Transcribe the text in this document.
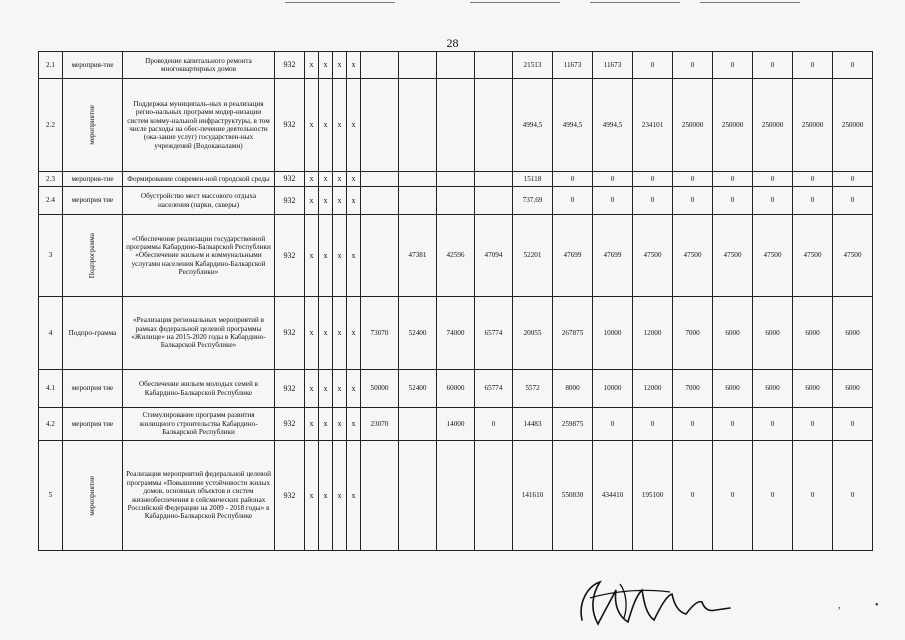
28
2.1	мероприя-тие	Проведение капитального ремонта многоквартирных домов	932	х	х	х	х					21513	11673	11673	0	0	0	0	0	0
2.2	мероприятие	Поддержка муниципаль-ных и реализация регио-нальных программ модер-низации систем комму-нальной инфраструктуры, в том числе расходы на обес-печение деятельности (ока-зание услуг) государствен-ных учреждений (Водоканалами)	932	х	х	х	х					4994,5	4994,5	4994,5	234101	250000	250000	250000	250000	250000
2.3	мероприя-тие	Формирование современ-ной городской среды	932	х	х	х	х					15118	0	0	0	0	0	0	0	0
2.4	мероприя тие	Обустройство мест массового отдыха населения (парки, скверы)	932	х	х	х	х					737,69	0	0	0	0	0	0	0	0
3	Подпрограмма	«Обеспечение реализации государственной программы Кабардино-Балкарской Республики «Обеспечение жильем и коммунальными услугами населения Кабардино-Балкарской Республики»	932	х	х	х	х		47381	42596	47094	52201	47699	47699	47500	47500	47500	47500	47500	47500
4	Подпро-грамма	«Реализация региональных мероприятий в рамках федеральной целевой программы «Жилище» на 2015-2020 годы в Кабардино-Балкарской Республике»	932	х	х	х	х	73070	52400	74000	65774	20055	267875	10000	12000	7000	6000	6000	6000	6000
4.1	мероприя тие	Обеспечение жильем молодых семей в Кабардино-Балкарской Республике	932	х	х	х	х	50000	52400	60000	65774	5572	8000	10000	12000	7000	6000	6000	6000	6000
4.2	мероприя тие	Стимулирование программ развития жилищного строительства Кабардино-Балкарской Республики	932	х	х	х	х	23070		14000	0	14483	259875	0	0	0	0	0	0	0
5	мероприятие	Реализация мероприятий федеральной целевой программы «Повышение устойчивости жилых домов, основных объектов и систем жизнеобеспечения в сейсмических районах Российской Федерации на 2009 - 2018 годы» в Кабардино-Балкарской Республике	932	х	х	х	х					141610	550830	434410	195100	0	0	0	0	0
,	•
